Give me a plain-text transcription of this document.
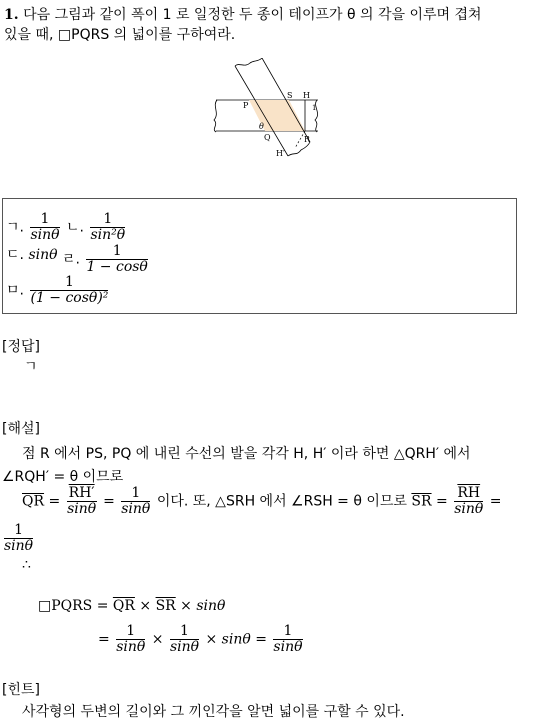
1. 다음 그림과 같이 폭이 1 로 일정한 두 종이 테이프가 θ 의 각을 이루며 겹쳐
있을 때, □PQRS 의 넓이를 구하여라.
S H
P
Q	R
θ
H′
1
ㄱ. $\frac{1}{\sin\theta}$ ㄴ. $\frac{1}{\text{sin²θ}}$
ㄷ. sinθ ㄹ. $\frac{1}{1 - \cos\theta}$
ㅁ. $\frac{1}{\text{(1 − cosθ)²}}$
[정답]
ㄱ
[해설]
점 R 에서 PS, PQ 에 내린 수선의 발을 각각 H, H′ 이라 하면 △QRH′ 에서
∠RQH′ = θ 이므로
$\overline{QR} = \frac{RH'}{\sin\theta} = \frac{1}{\sin\theta}$ 이다. 또, △SRH 에서 ∠RSH = θ 이므로 $\overline{SR} = \frac{\overline{RH}}{\sin\theta}$ =
$\frac{1}{\sin\theta}$
∴
□PQRS = $\overline{QR} \times \overline{SR} \times \sin\theta$
= $\frac{1}{\sin\theta} \times \frac{1}{\sin\theta} \times \sin\theta = \frac{1}{\sin\theta}$
[힌트]
사각형의 두변의 길이와 그 끼인각을 알면 넓이를 구할 수 있다.
